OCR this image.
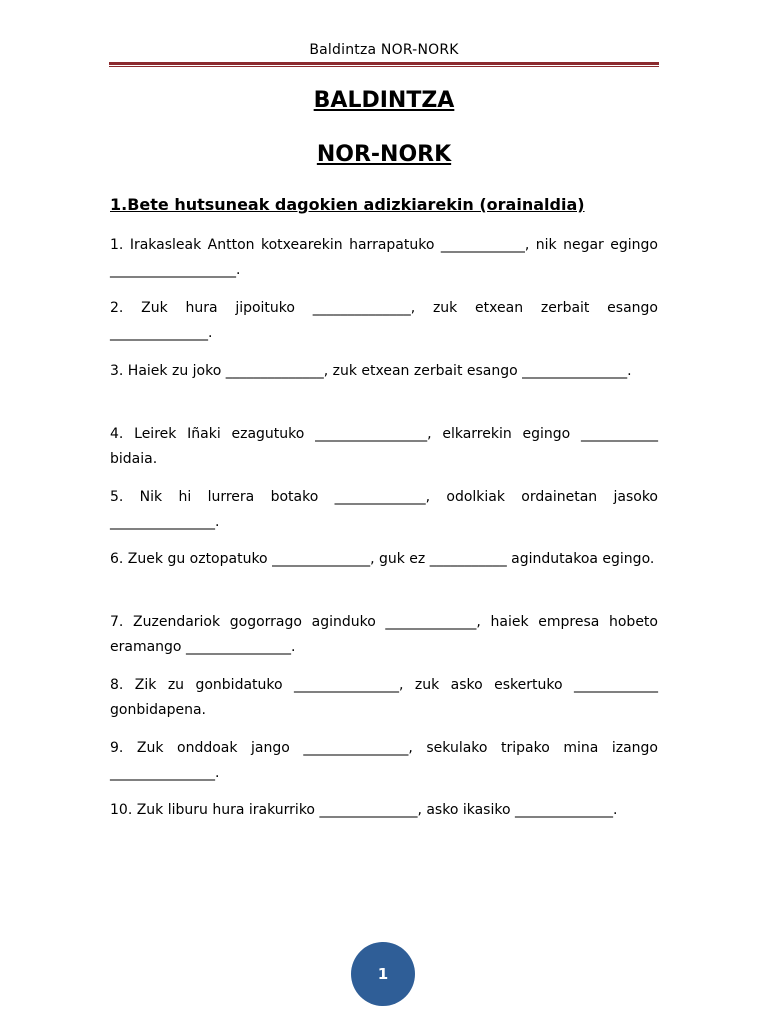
Baldintza NOR-NORK
BALDINTZA
NOR-NORK
1.Bete hutsuneak dagokien adizkiarekin (orainaldia)

1. Irakasleak Antton kotxearekin harrapatuko ____________, nik negar egingo __________________.

2. Zuk hura jipoituko ______________, zuk etxean zerbait esango ______________.

3. Haiek zu joko ______________, zuk etxean zerbait esango _______________.

4. Leirek Iñaki ezagutuko ________________, elkarrekin egingo ___________ bidaia.

5. Nik hi lurrera botako _____________, odolkiak ordainetan jasoko _______________.

6. Zuek gu oztopatuko ______________, guk ez ___________ agindutakoa egingo.

7. Zuzendariok gogorrago aginduko _____________, haiek empresa hobeto eramango _______________.

8. Zik zu gonbidatuko _______________, zuk asko eskertuko ____________ gonbidapena.

9. Zuk onddoak jango _______________, sekulako tripako mina izango _______________.

10. Zuk liburu hura irakurriko ______________, asko ikasiko ______________.

1
